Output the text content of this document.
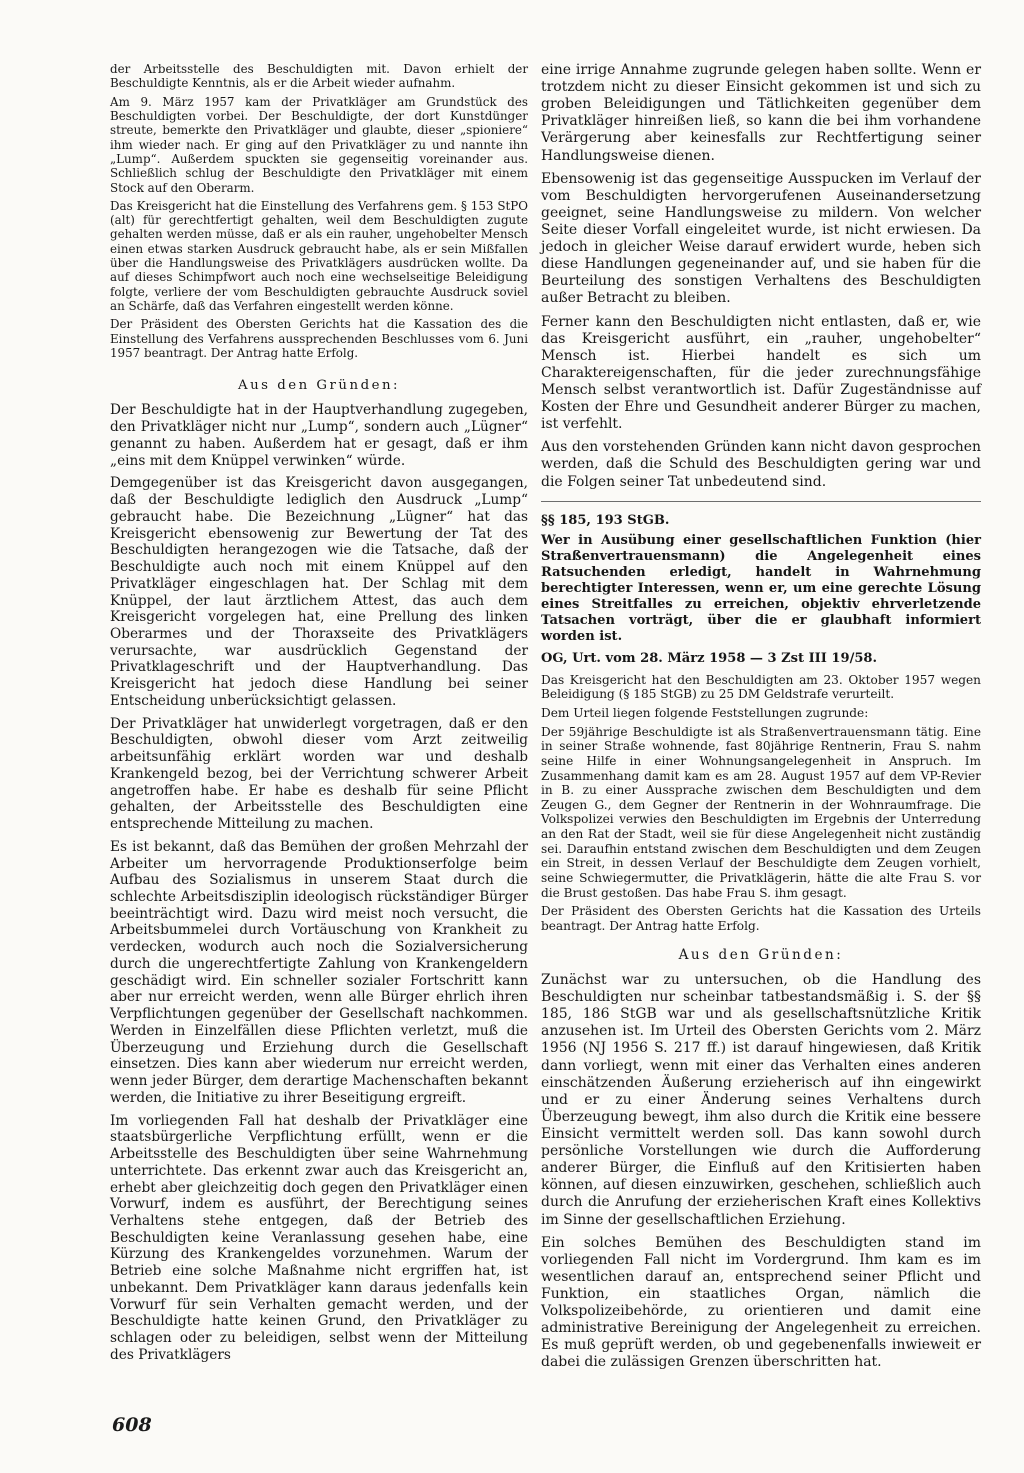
der Arbeitsstelle des Beschuldigten mit. Davon erhielt der Beschuldigte Kenntnis, als er die Arbeit wieder aufnahm.

Am 9. März 1957 kam der Privatkläger am Grundstück des Beschuldigten vorbei. Der Beschuldigte, der dort Kunstdünger streute, bemerkte den Privatkläger und glaubte, dieser „spioniere“ ihm wieder nach. Er ging auf den Privatkläger zu und nannte ihn „Lump“. Außerdem spuckten sie gegenseitig voreinander aus. Schließlich schlug der Beschuldigte den Privatkläger mit einem Stock auf den Oberarm.

Das Kreisgericht hat die Einstellung des Verfahrens gem. § 153 StPO (alt) für gerechtfertigt gehalten, weil dem Beschuldigten zugute gehalten werden müsse, daß er als ein rauher, ungehobelter Mensch einen etwas starken Ausdruck gebraucht habe, als er sein Mißfallen über die Handlungsweise des Privatklägers ausdrücken wollte. Da auf dieses Schimpfwort auch noch eine wechselseitige Beleidigung folgte, verliere der vom Beschuldigten gebrauchte Ausdruck soviel an Schärfe, daß das Verfahren eingestellt werden könne.

Der Präsident des Obersten Gerichts hat die Kassation des die Einstellung des Verfahrens aussprechenden Beschlusses vom 6. Juni 1957 beantragt. Der Antrag hatte Erfolg.

Aus den Gründen:

Der Beschuldigte hat in der Hauptverhandlung zugegeben, den Privatkläger nicht nur „Lump“, sondern auch „Lügner“ genannt zu haben. Außerdem hat er gesagt, daß er ihm „eins mit dem Knüppel verwinken“ würde.

Demgegenüber ist das Kreisgericht davon ausgegangen, daß der Beschuldigte lediglich den Ausdruck „Lump“ gebraucht habe. Die Bezeichnung „Lügner“ hat das Kreisgericht ebensowenig zur Bewertung der Tat des Beschuldigten herangezogen wie die Tatsache, daß der Beschuldigte auch noch mit einem Knüppel auf den Privatkläger eingeschlagen hat. Der Schlag mit dem Knüppel, der laut ärztlichem Attest, das auch dem Kreisgericht vorgelegen hat, eine Prellung des linken Oberarmes und der Thoraxseite des Privatklägers verursachte, war ausdrücklich Gegenstand der Privatklageschrift und der Hauptverhandlung. Das Kreisgericht hat jedoch diese Handlung bei seiner Entscheidung unberücksichtigt gelassen.

Der Privatkläger hat unwiderlegt vorgetragen, daß er den Beschuldigten, obwohl dieser vom Arzt zeitweilig arbeitsunfähig erklärt worden war und deshalb Krankengeld bezog, bei der Verrichtung schwerer Arbeit angetroffen habe. Er habe es deshalb für seine Pflicht gehalten, der Arbeitsstelle des Beschuldigten eine entsprechende Mitteilung zu machen.

Es ist bekannt, daß das Bemühen der großen Mehrzahl der Arbeiter um hervorragende Produktionserfolge beim Aufbau des Sozialismus in unserem Staat durch die schlechte Arbeitsdisziplin ideologisch rückständiger Bürger beeinträchtigt wird. Dazu wird meist noch versucht, die Arbeitsbummelei durch Vortäuschung von Krankheit zu verdecken, wodurch auch noch die Sozialversicherung durch die ungerechtfertigte Zahlung von Krankengeldern geschädigt wird. Ein schneller sozialer Fortschritt kann aber nur erreicht werden, wenn alle Bürger ehrlich ihren Verpflichtungen gegenüber der Gesellschaft nachkommen. Werden in Einzelfällen diese Pflichten verletzt, muß die Überzeugung und Erziehung durch die Gesellschaft einsetzen. Dies kann aber wiederum nur erreicht werden, wenn jeder Bürger, dem derartige Machenschaften bekannt werden, die Initiative zu ihrer Beseitigung ergreift.

Im vorliegenden Fall hat deshalb der Privatkläger eine staatsbürgerliche Verpflichtung erfüllt, wenn er die Arbeitsstelle des Beschuldigten über seine Wahrnehmung unterrichtete. Das erkennt zwar auch das Kreisgericht an, erhebt aber gleichzeitig doch gegen den Privatkläger einen Vorwurf, indem es ausführt, der Berechtigung seines Verhaltens stehe entgegen, daß der Betrieb des Beschuldigten keine Veranlassung gesehen habe, eine Kürzung des Krankengeldes vorzunehmen. Warum der Betrieb eine solche Maßnahme nicht ergriffen hat, ist unbekannt. Dem Privatkläger kann daraus jedenfalls kein Vorwurf für sein Verhalten gemacht werden, und der Beschuldigte hatte keinen Grund, den Privatkläger zu schlagen oder zu beleidigen, selbst wenn der Mitteilung des Privatklägers

eine irrige Annahme zugrunde gelegen haben sollte. Wenn er trotzdem nicht zu dieser Einsicht gekommen ist und sich zu groben Beleidigungen und Tätlichkeiten gegenüber dem Privatkläger hinreißen ließ, so kann die bei ihm vorhandene Verärgerung aber keinesfalls zur Rechtfertigung seiner Handlungsweise dienen.

Ebensowenig ist das gegenseitige Ausspucken im Verlauf der vom Beschuldigten hervorgerufenen Auseinandersetzung geeignet, seine Handlungsweise zu mildern. Von welcher Seite dieser Vorfall eingeleitet wurde, ist nicht erwiesen. Da jedoch in gleicher Weise darauf erwidert wurde, heben sich diese Handlungen gegeneinander auf, und sie haben für die Beurteilung des sonstigen Verhaltens des Beschuldigten außer Betracht zu bleiben.

Ferner kann den Beschuldigten nicht entlasten, daß er, wie das Kreisgericht ausführt, ein „rauher, ungehobelter“ Mensch ist. Hierbei handelt es sich um Charaktereigenschaften, für die jeder zurechnungsfähige Mensch selbst verantwortlich ist. Dafür Zugeständnisse auf Kosten der Ehre und Gesundheit anderer Bürger zu machen, ist verfehlt.

Aus den vorstehenden Gründen kann nicht davon gesprochen werden, daß die Schuld des Beschuldigten gering war und die Folgen seiner Tat unbedeutend sind.

§§ 185, 193 StGB.

Wer in Ausübung einer gesellschaftlichen Funktion (hier Straßenvertrauensmann) die Angelegenheit eines Ratsuchenden erledigt, handelt in Wahrnehmung berechtigter Interessen, wenn er, um eine gerechte Lösung eines Streitfalles zu erreichen, objektiv ehrverletzende Tatsachen vorträgt, über die er glaubhaft informiert worden ist.

OG, Urt. vom 28. März 1958 — 3 Zst III 19/58.

Das Kreisgericht hat den Beschuldigten am 23. Oktober 1957 wegen Beleidigung (§ 185 StGB) zu 25 DM Geldstrafe verurteilt.

Dem Urteil liegen folgende Feststellungen zugrunde:

Der 59jährige Beschuldigte ist als Straßenvertrauensmann tätig. Eine in seiner Straße wohnende, fast 80jährige Rentnerin, Frau S. nahm seine Hilfe in einer Wohnungsangelegenheit in Anspruch. Im Zusammenhang damit kam es am 28. August 1957 auf dem VP-Revier in B. zu einer Aussprache zwischen dem Beschuldigten und dem Zeugen G., dem Gegner der Rentnerin in der Wohnraumfrage. Die Volkspolizei verwies den Beschuldigten im Ergebnis der Unterredung an den Rat der Stadt, weil sie für diese Angelegenheit nicht zuständig sei. Daraufhin entstand zwischen dem Beschuldigten und dem Zeugen ein Streit, in dessen Verlauf der Beschuldigte dem Zeugen vorhielt, seine Schwiegermutter, die Privatklägerin, hätte die alte Frau S. vor die Brust gestoßen. Das habe Frau S. ihm gesagt.

Der Präsident des Obersten Gerichts hat die Kassation des Urteils beantragt. Der Antrag hatte Erfolg.

Aus den Gründen:

Zunächst war zu untersuchen, ob die Handlung des Beschuldigten nur scheinbar tatbestandsmäßig i. S. der §§ 185, 186 StGB war und als gesellschaftsnützliche Kritik anzusehen ist. Im Urteil des Obersten Gerichts vom 2. März 1956 (NJ 1956 S. 217 ff.) ist darauf hingewiesen, daß Kritik dann vorliegt, wenn mit einer das Verhalten eines anderen einschätzenden Äußerung erzieherisch auf ihn eingewirkt und er zu einer Änderung seines Verhaltens durch Überzeugung bewegt, ihm also durch die Kritik eine bessere Einsicht vermittelt werden soll. Das kann sowohl durch persönliche Vorstellungen wie durch die Aufforderung anderer Bürger, die Einfluß auf den Kritisierten haben können, auf diesen einzuwirken, geschehen, schließlich auch durch die Anrufung der erzieherischen Kraft eines Kollektivs im Sinne der gesellschaftlichen Erziehung.

Ein solches Bemühen des Beschuldigten stand im vorliegenden Fall nicht im Vordergrund. Ihm kam es im wesentlichen darauf an, entsprechend seiner Pflicht und Funktion, ein staatliches Organ, nämlich die Volkspolizeibehörde, zu orientieren und damit eine administrative Bereinigung der Angelegenheit zu erreichen. Es muß geprüft werden, ob und gegebenenfalls inwieweit er dabei die zulässigen Grenzen überschritten hat.

608
